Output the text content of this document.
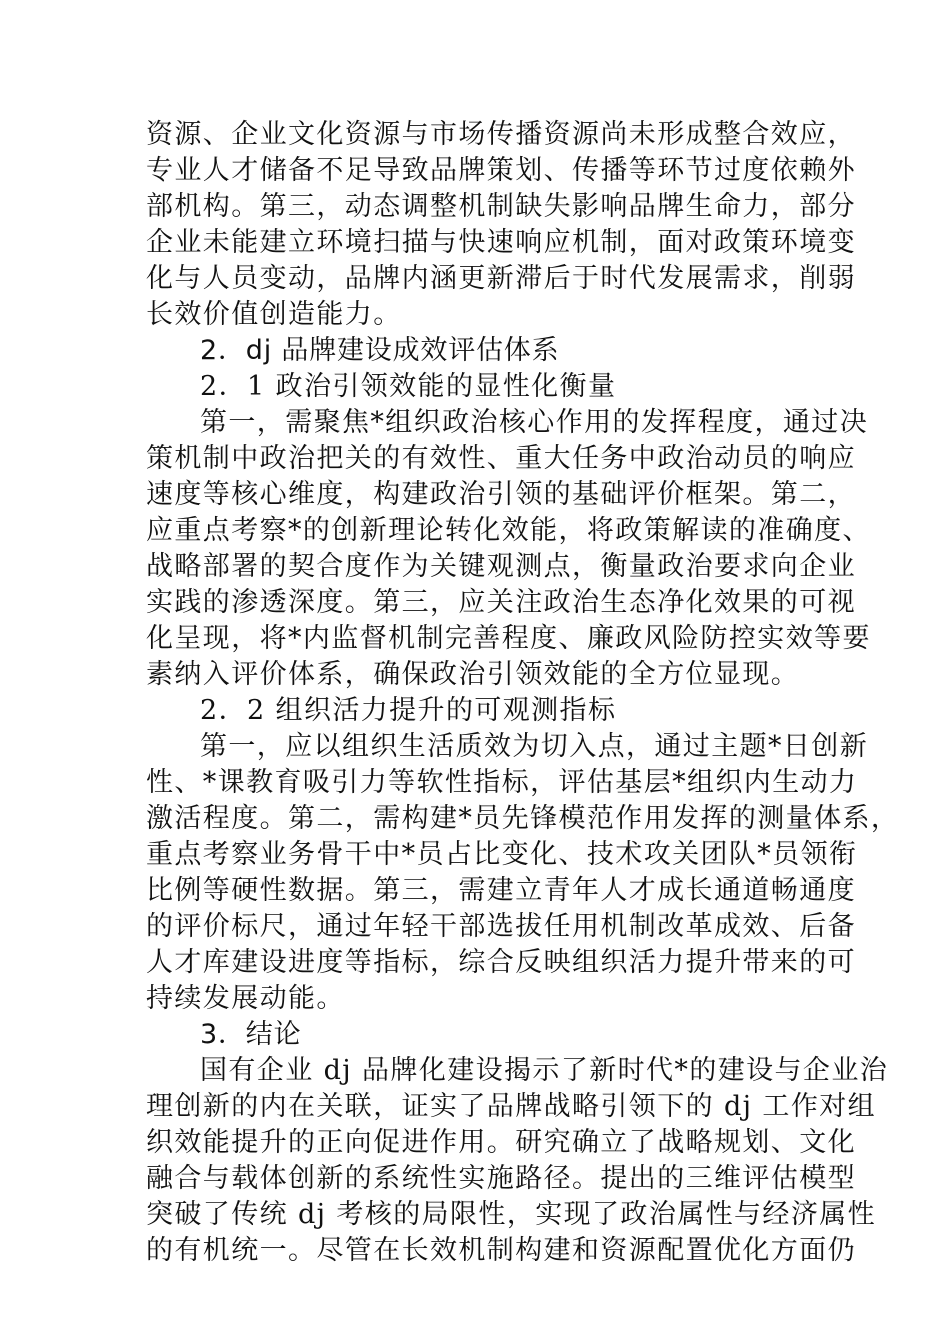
资源、企业文化资源与市场传播资源尚未形成整合效应，
专业人才储备不足导致品牌策划、传播等环节过度依赖外
部机构。第三，动态调整机制缺失影响品牌生命力，部分
企业未能建立环境扫描与快速响应机制，面对政策环境变
化与人员变动，品牌内涵更新滞后于时代发展需求，削弱
长效价值创造能力。
2．dj 品牌建设成效评估体系
2．1 政治引领效能的显性化衡量
第一，需聚焦*组织政治核心作用的发挥程度，通过决
策机制中政治把关的有效性、重大任务中政治动员的响应
速度等核心维度，构建政治引领的基础评价框架。第二，
应重点考察*的创新理论转化效能，将政策解读的准确度、
战略部署的契合度作为关键观测点，衡量政治要求向企业
实践的渗透深度。第三，应关注政治生态净化效果的可视
化呈现，将*内监督机制完善程度、廉政风险防控实效等要
素纳入评价体系，确保政治引领效能的全方位显现。
2．2 组织活力提升的可观测指标
第一，应以组织生活质效为切入点，通过主题*日创新
性、*课教育吸引力等软性指标，评估基层*组织内生动力
激活程度。第二，需构建*员先锋模范作用发挥的测量体系，
重点考察业务骨干中*员占比变化、技术攻关团队*员领衔
比例等硬性数据。第三，需建立青年人才成长通道畅通度
的评价标尺，通过年轻干部选拔任用机制改革成效、后备
人才库建设进度等指标，综合反映组织活力提升带来的可
持续发展动能。
3．结论
国有企业 dj 品牌化建设揭示了新时代*的建设与企业治
理创新的内在关联，证实了品牌战略引领下的 dj 工作对组
织效能提升的正向促进作用。研究确立了战略规划、文化
融合与载体创新的系统性实施路径。提出的三维评估模型
突破了传统 dj 考核的局限性，实现了政治属性与经济属性
的有机统一。尽管在长效机制构建和资源配置优化方面仍
